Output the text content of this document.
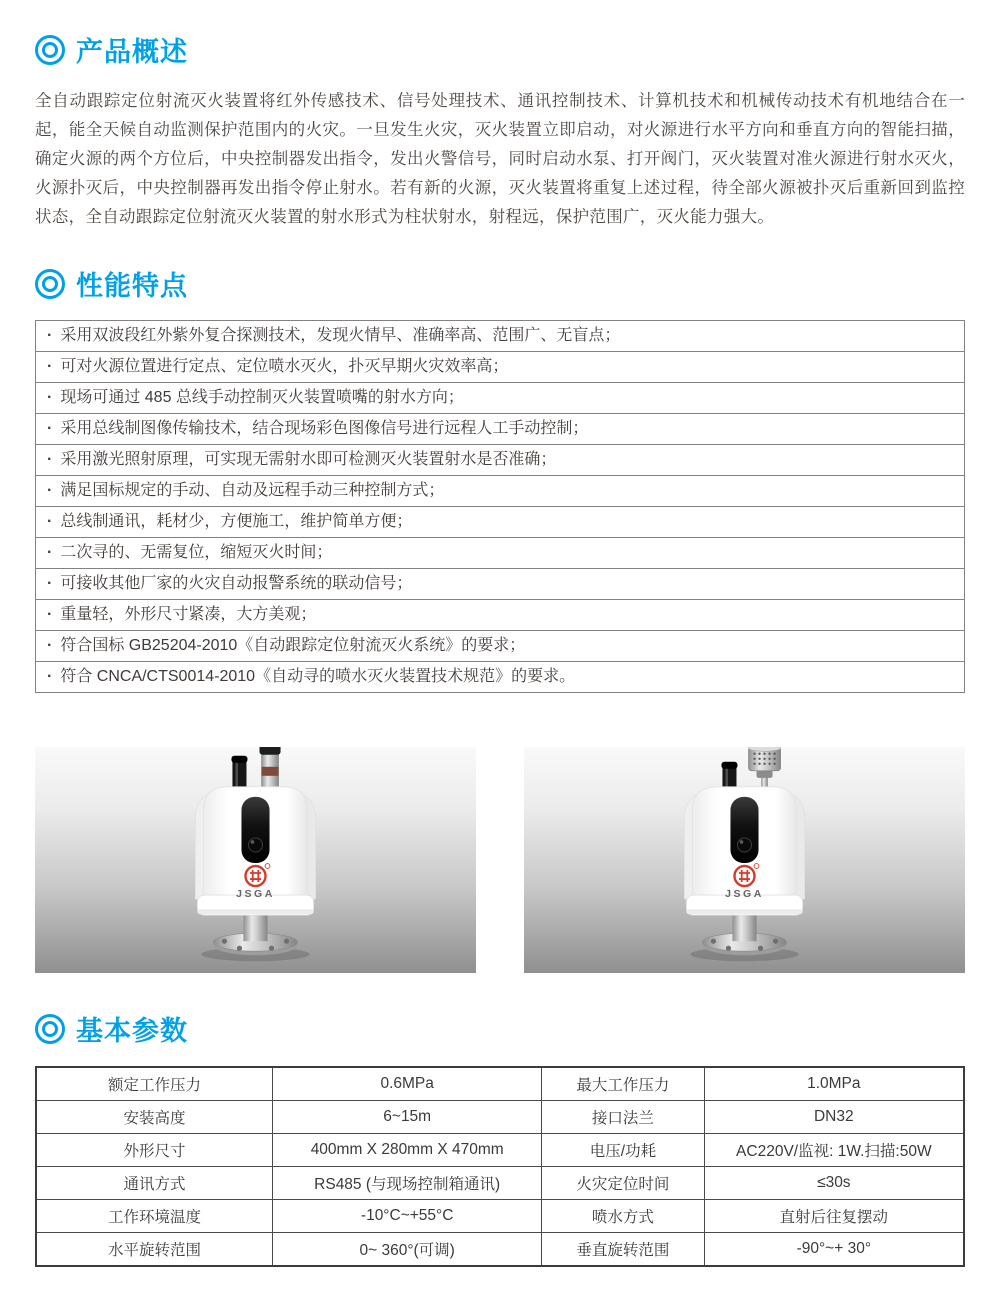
产品概述

全自动跟踪定位射流灭火装置将红外传感技术、信号处理技术、通讯控制技术、计算机技术和机械传动技术有机地结合在一起，能全天候自动监测保护范围内的火灾。一旦发生火灾，灭火装置立即启动，对火源进行水平方向和垂直方向的智能扫描，确定火源的两个方位后，中央控制器发出指令，发出火警信号，同时启动水泵、打开阀门，灭火装置对准火源进行射水灭火，火源扑灭后，中央控制器再发出指令停止射水。若有新的火源，灭火装置将重复上述过程，待全部火源被扑灭后重新回到监控状态，全自动跟踪定位射流灭火装置的射水形式为柱状射水，射程远，保护范围广，灭火能力强大。

性能特点
· 采用双波段红外紫外复合探测技术，发现火情早、准确率高、范围广、无盲点；
· 可对火源位置进行定点、定位喷水灭火，扑灭早期火灾效率高；
· 现场可通过 485 总线手动控制灭火装置喷嘴的射水方向；
· 采用总线制图像传输技术，结合现场彩色图像信号进行远程人工手动控制；
· 采用激光照射原理，可实现无需射水即可检测灭火装置射水是否准确；
· 满足国标规定的手动、自动及远程手动三种控制方式；
· 总线制通讯，耗材少，方便施工，维护简单方便；
· 二次寻的、无需复位，缩短灭火时间；
· 可接收其他厂家的火灾自动报警系统的联动信号；
· 重量轻，外形尺寸紧凑，大方美观；
· 符合国标 GB25204-2010《自动跟踪定位射流灭火系统》的要求；
· 符合 CNCA/CTS0014-2010《自动寻的喷水灭火装置技术规范》的要求。
JSGA	JSGA
基本参数
额定工作压力	0.6MPa	最大工作压力	1.0MPa
安装高度	6~15m	接口法兰	DN32
外形尺寸	400mm X 280mm X 470mm	电压/功耗	AC220V/监视: 1W.扫描:50W
通讯方式	RS485 (与现场控制箱通讯)	火灾定位时间	≤30s
工作环境温度	-10°C~+55°C	喷水方式	直射后往复摆动
水平旋转范围	0~ 360°(可调)	垂直旋转范围	-90°~+ 30°
